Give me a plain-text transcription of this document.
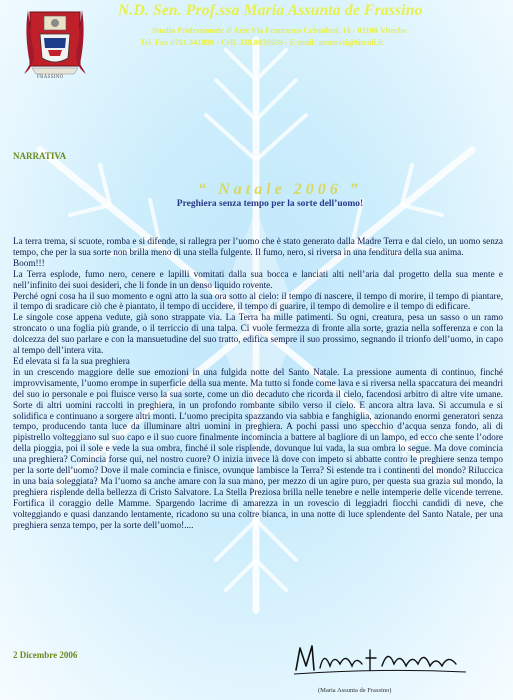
FRASSINO
N.D. Sen. Prof.ssa Maria Assunta de Frassino
Studio Professionale d'Arte Via Francesco Cristofori, 16 - 01100 Viterbo
Tel. Fax 0761.341898 - Cell. 339.8036939 - E-mail: arsnovti@tiscali.it
NARRATIVA
“ Natale 2006 ”
Preghiera senza tempo per la sorte dell’uomo!

La terra trema, si scuote, romba e si difende, si rallegra per l’uomo che è stato generato dalla Madre Terra e dal cielo, un uomo senza tempo, che per la sua sorte non brilla meno di una stella fulgente. Il fumo, nero, si riversa in una fenditura della sua anima.

Boom!!!

La Terra esplode, fumo nero, cenere e lapilli vomitati dalla sua bocca e lanciati alti nell’aria dal progetto della sua mente e nell’infinito dei suoi desideri, che li fonde in un denso liquido rovente.

Perché ogni cosa ha il suo momento e ogni atto la sua ora sotto al cielo: il tempo di nascere, il tempo di morire, il tempo di piantare, il tempo di sradicare ciò che è piantato, il tempo di uccidere, il tempo di guarire, il tempo di demolire e il tempo di edificare.

Le singole cose appena vedute, già sono strappate via. La Terra ha mille patimenti. Su ogni, creatura, pesa un sasso o un ramo stroncato o una foglia più grande, o il terriccio di una talpa. Ci vuole fermezza di fronte alla sorte, grazia nella sofferenza e con la dolcezza del suo parlare e con la mansuetudine del suo tratto, edifica sempre il suo prossimo, segnando il trionfo dell’uomo, in capo al tempo dell’intera vita.

Ed elevata si fa la sua preghiera

in un crescendo maggiore delle sue emozioni in una fulgida notte del Santo Natale. La pressione aumenta di continuo, finché improvvisamente, l’uomo erompe in superficie della sua mente. Ma tutto si fonde come lava e si riversa nella spaccatura dei meandri del suo io personale e poi fluisce verso la sua sorte, come un dio decaduto che ricorda il cielo, facendosi arbitro di altre vite umane. Sorte di altri uomini raccolti in preghiera, in un profondo rombante sibilo verso il cielo. E ancora altra lava. Si accumula e si solidifica e continuano a sorgere altri monti. L’uomo precipita spazzando via sabbia e fanghiglia, azionando enormi generatori senza tempo, producendo tanta luce da illuminare altri uomini in preghiera. A pochi passi uno specchio d’acqua senza fondo, ali di pipistrello volteggiano sul suo capo e il suo cuore finalmente incomincia a battere al bagliore di un lampo, ed ecco che sente l’odore della pioggia, poi il sole e vede la sua ombra, finché il sole risplende, dovunque lui vada, la sua ombra lo segue. Ma dove comincia una preghiera? Comincia forse qui, nel nostro cuore? O inizia invece là dove con impeto si abbatte contro le preghiere senza tempo per la sorte dell’uomo? Dove il male comincia e finisce, ovunque lambisce la Terra? Si estende tra i continenti del mondo? Riluccica in una baia soleggiata? Ma l’uomo sa anche amare con la sua mano, per mezzo di un agire puro, per questa sua grazia sul mondo, la preghiera risplende della bellezza di Cristo Salvatore. La Stella Preziosa brilla nelle tenebre e nelle intemperie delle vicende terrene. Fortifica il coraggio delle Mamme. Spargendo lacrime di amarezza in un rovescio di leggiadri fiocchi candidi di neve, che volteggiando e quasi danzando lentamente, ricadono su una coltre bianca, in una notte di luce splendente del Santo Natale, per una preghiera senza tempo, per la sorte dell’uomo!....

2 Dicembre 2006
(Maria Assunta de Frassino)
